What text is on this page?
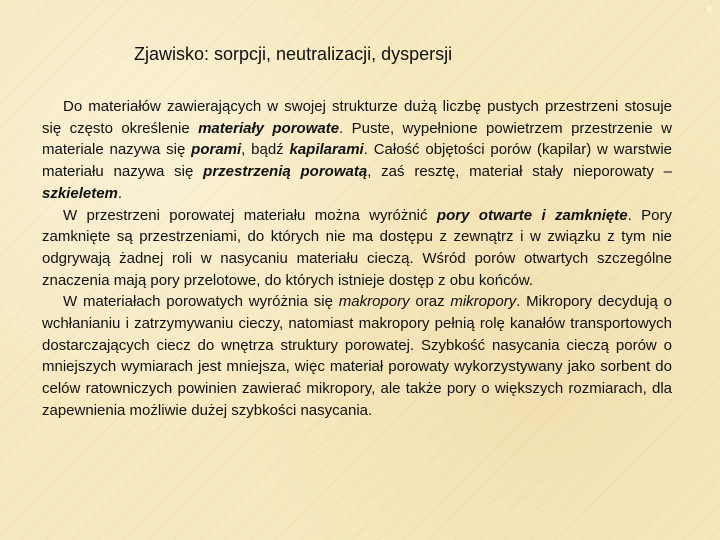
6
Zjawisko: sorpcji, neutralizacji, dyspersji

Do materiałów zawierających w swojej strukturze dużą liczbę pustych przestrzeni stosuje się często określenie materiały porowate. Puste, wypełnione powietrzem przestrzenie w materiale nazywa się porami, bądź kapilarami. Całość objętości porów (kapilar) w warstwie materiału nazywa się przestrzenią porowatą, zaś resztę, materiał stały nieporowaty – szkieletem.

W przestrzeni porowatej materiału można wyróżnić pory otwarte i zamknięte. Pory zamknięte są przestrzeniami, do których nie ma dostępu z zewnątrz i w związku z tym nie odgrywają żadnej roli w nasycaniu materiału cieczą. Wśród porów otwartych szczególne znaczenia mają pory przelotowe, do których istnieje dostęp z obu końców.

W materiałach porowatych wyróżnia się makropory oraz mikropory. Mikropory decydują o wchłanianiu i zatrzymywaniu cieczy, natomiast makropory pełnią rolę kanałów transportowych dostarczających ciecz do wnętrza struktury porowatej. Szybkość nasycania cieczą porów o mniejszych wymiarach jest mniejsza, więc materiał porowaty wykorzystywany jako sorbent do celów ratowniczych powinien zawierać mikropory, ale także pory o większych rozmiarach, dla zapewnienia możliwie dużej szybkości nasycania.
